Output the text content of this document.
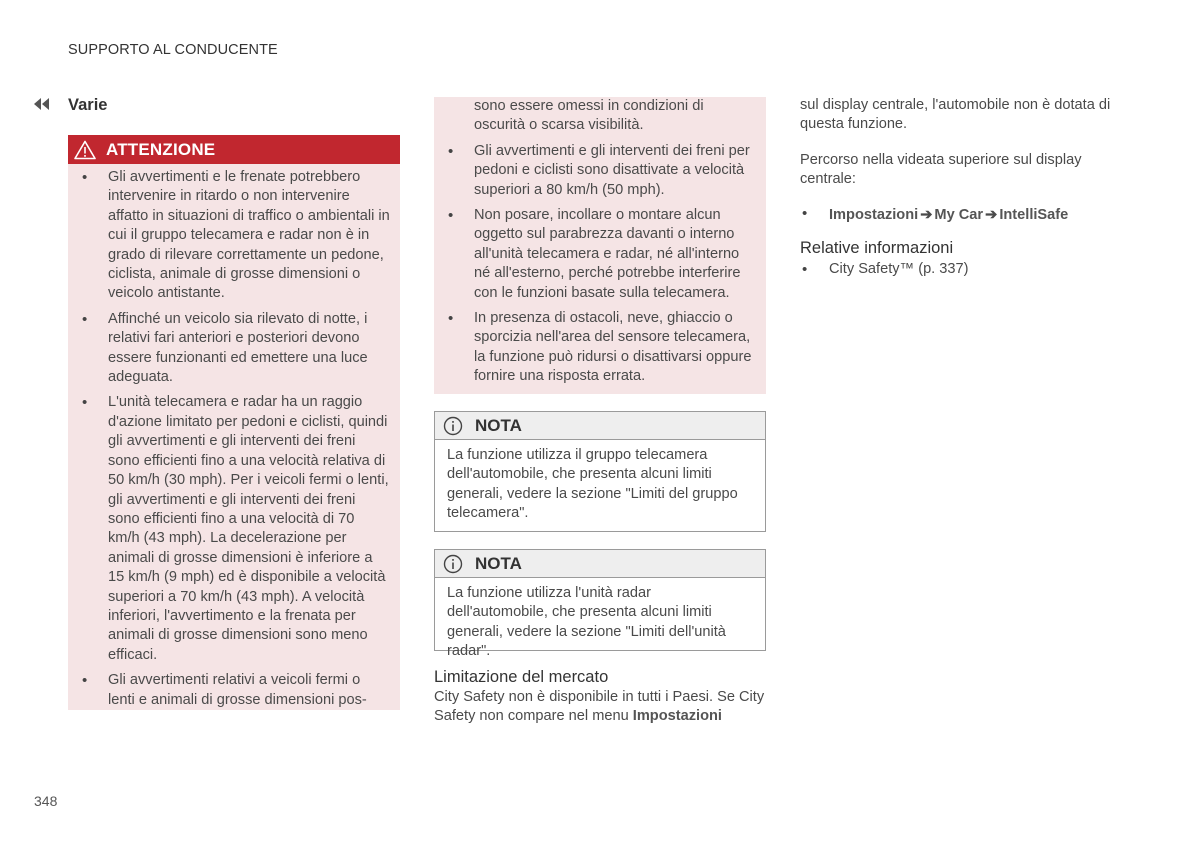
SUPPORTO AL CONDUCENTE
Varie
ATTENZIONE
• Gli avvertimenti e le frenate potrebbero intervenire in ritardo o non intervenire affatto in situazioni di traffico o ambientali in cui il gruppo telecamera e radar non è in grado di rilevare correttamente un pedone, ciclista, animale di grosse dimensioni o veicolo antistante.
• Affinché un veicolo sia rilevato di notte, i relativi fari anteriori e posteriori devono essere funzionanti ed emettere una luce adeguata.
• L'unità telecamera e radar ha un raggio d'azione limitato per pedoni e ciclisti, quindi gli avvertimenti e gli interventi dei freni sono efficienti fino a una velocità relativa di 50 km/h (30 mph). Per i veicoli fermi o lenti, gli avvertimenti e gli interventi dei freni sono efficienti fino a una velocità di 70 km/h (43 mph). La decelerazione per animali di grosse dimensioni è inferiore a 15 km/h (9 mph) ed è disponibile a velocità superiori a 70 km/h (43 mph). A velocità inferiori, l'avvertimento e la frenata per animali di grosse dimensioni sono meno efficaci.
• Gli avvertimenti relativi a veicoli fermi o lenti e animali di grosse dimensioni pos-
sono essere omessi in condizioni di oscurità o scarsa visibilità.
• Gli avvertimenti e gli interventi dei freni per pedoni e ciclisti sono disattivate a velocità superiori a 80 km/h (50 mph).
• Non posare, incollare o montare alcun oggetto sul parabrezza davanti o interno all'unità telecamera e radar, né all'interno né all'esterno, perché potrebbe interferire con le funzioni basate sulla telecamera.
• In presenza di ostacoli, neve, ghiaccio o sporcizia nell'area del sensore telecamera, la funzione può ridursi o disattivarsi oppure fornire una risposta errata.
NOTA
La funzione utilizza il gruppo telecamera dell'automobile, che presenta alcuni limiti generali, vedere la sezione "Limiti del gruppo telecamera".
NOTA
La funzione utilizza l'unità radar dell'automobile, che presenta alcuni limiti generali, vedere la sezione "Limiti dell'unità radar".
Limitazione del mercato
City Safety non è disponibile in tutti i Paesi. Se City Safety non compare nel menu Impostazioni

sul display centrale, l'automobile non è dotata di questa funzione.

Percorso nella videata superiore sul display centrale:

• Impostazioni ➔ My Car ➔ IntelliSafe
Relative informazioni
• City Safety™ (p. 337)
348
